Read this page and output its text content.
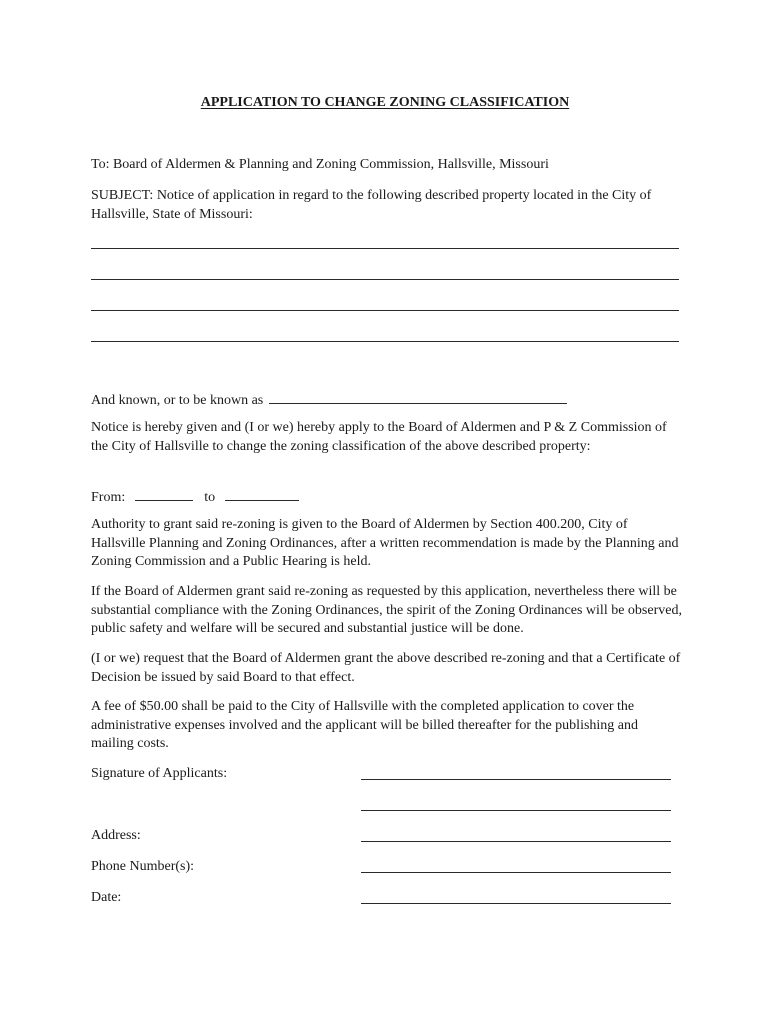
APPLICATION TO CHANGE ZONING CLASSIFICATION
To: Board of Aldermen & Planning and Zoning Commission, Hallsville, Missouri
SUBJECT: Notice of application in regard to the following described property located in the City of Hallsville, State of Missouri:
And known, or to be known as
Notice is hereby given and (I or we) hereby apply to the Board of Aldermen and P & Z Commission of the City of Hallsville to change the zoning classification of the above described property:
From:	to
Authority to grant said re-zoning is given to the Board of Aldermen by Section 400.200, City of Hallsville Planning and Zoning Ordinances, after a written recommendation is made by the Planning and Zoning Commission and a Public Hearing is held.
If the Board of Aldermen grant said re-zoning as requested by this application, nevertheless there will be substantial compliance with the Zoning Ordinances, the spirit of the Zoning Ordinances will be observed, public safety and welfare will be secured and substantial justice will be done.
(I or we) request that the Board of Aldermen grant the above described re-zoning and that a Certificate of Decision be issued by said Board to that effect.
A fee of $50.00 shall be paid to the City of Hallsville with the completed application to cover the administrative expenses involved and the applicant will be billed thereafter for the publishing and mailing costs.
Signature of Applicants:
Address:
Phone Number(s):
Date:
